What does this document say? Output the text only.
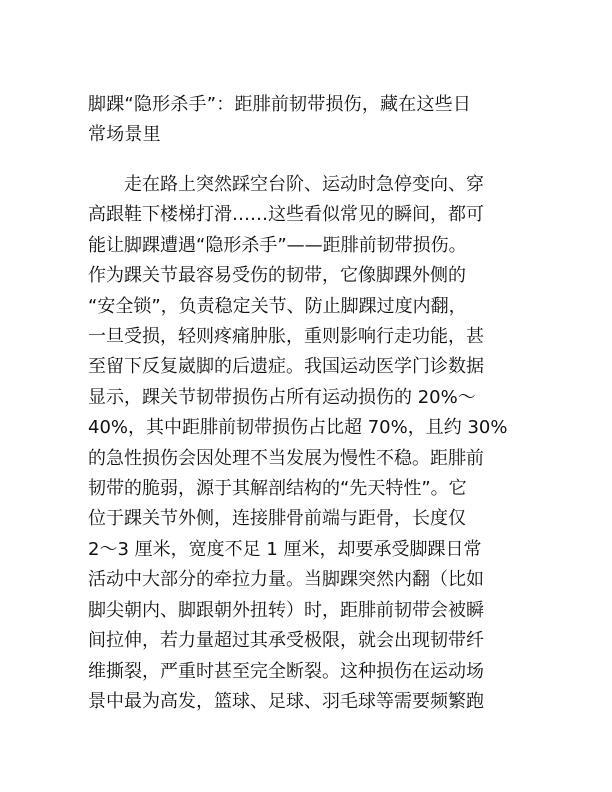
脚踝“隐形杀手”：距腓前韧带损伤，藏在这些日
常场景里
　　走在路上突然踩空台阶、运动时急停变向、穿
高跟鞋下楼梯打滑……这些看似常见的瞬间，都可
能让脚踝遭遇“隐形杀手”——距腓前韧带损伤。
作为踝关节最容易受伤的韧带，它像脚踝外侧的
“安全锁”，负责稳定关节、防止脚踝过度内翻，
一旦受损，轻则疼痛肿胀，重则影响行走功能，甚
至留下反复崴脚的后遗症。我国运动医学门诊数据
显示，踝关节韧带损伤占所有运动损伤的 20%～
40%，其中距腓前韧带损伤占比超 70%，且约 30%
的急性损伤会因处理不当发展为慢性不稳。距腓前
韧带的脆弱，源于其解剖结构的“先天特性”。它
位于踝关节外侧，连接腓骨前端与距骨，长度仅
2～3 厘米，宽度不足 1 厘米，却要承受脚踝日常
活动中大部分的牵拉力量。当脚踝突然内翻（比如
脚尖朝内、脚跟朝外扭转）时，距腓前韧带会被瞬
间拉伸，若力量超过其承受极限，就会出现韧带纤
维撕裂，严重时甚至完全断裂。这种损伤在运动场
景中最为高发，篮球、足球、羽毛球等需要频繁跑
